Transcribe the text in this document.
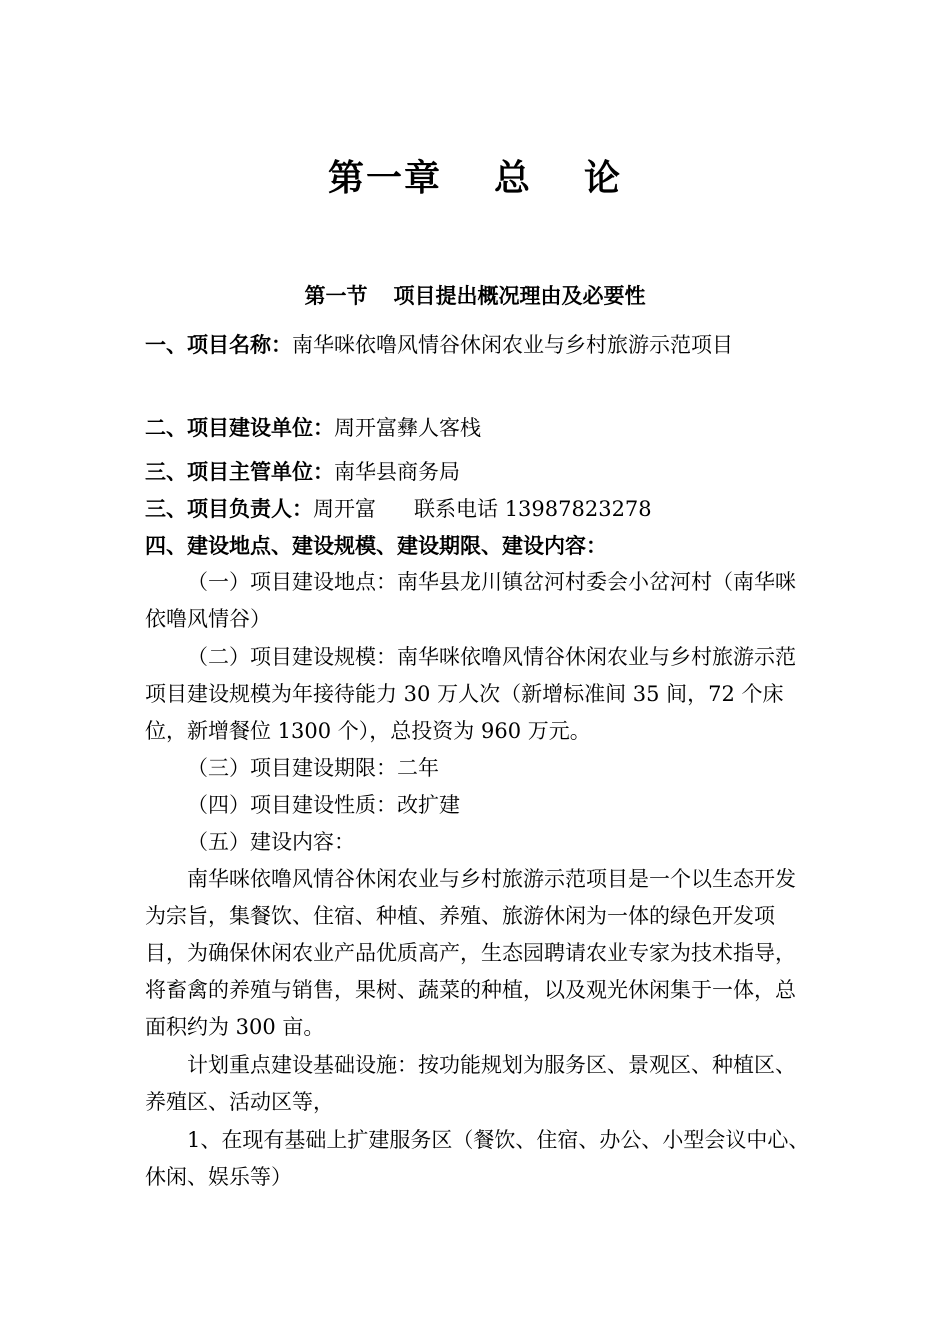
第一章 总 论
第一节 项目提出概况理由及必要性

一、项目名称：南华咪依噜风情谷休闲农业与乡村旅游示范项目

二、项目建设单位：周开富彝人客栈

三、项目主管单位：南华县商务局

三、项目负责人：周开富 联系电话 13987823278

四、建设地点、建设规模、建设期限、建设内容：

（一）项目建设地点：南华县龙川镇岔河村委会小岔河村（南华咪依噜风情谷）

（二）项目建设规模：南华咪依噜风情谷休闲农业与乡村旅游示范项目建设规模为年接待能力 30 万人次（新增标准间 35 间，72 个床位，新增餐位 1300 个），总投资为 960 万元。

（三）项目建设期限：二年

（四）项目建设性质：改扩建

（五）建设内容：

南华咪依噜风情谷休闲农业与乡村旅游示范项目是一个以生态开发为宗旨，集餐饮、住宿、种植、养殖、旅游休闲为一体的绿色开发项目，为确保休闲农业产品优质高产，生态园聘请农业专家为技术指导，将畜禽的养殖与销售，果树、蔬菜的种植，以及观光休闲集于一体，总面积约为 300 亩。

计划重点建设基础设施：按功能规划为服务区、景观区、种植区、养殖区、活动区等，

1、在现有基础上扩建服务区（餐饮、住宿、办公、小型会议中心、休闲、娱乐等）
